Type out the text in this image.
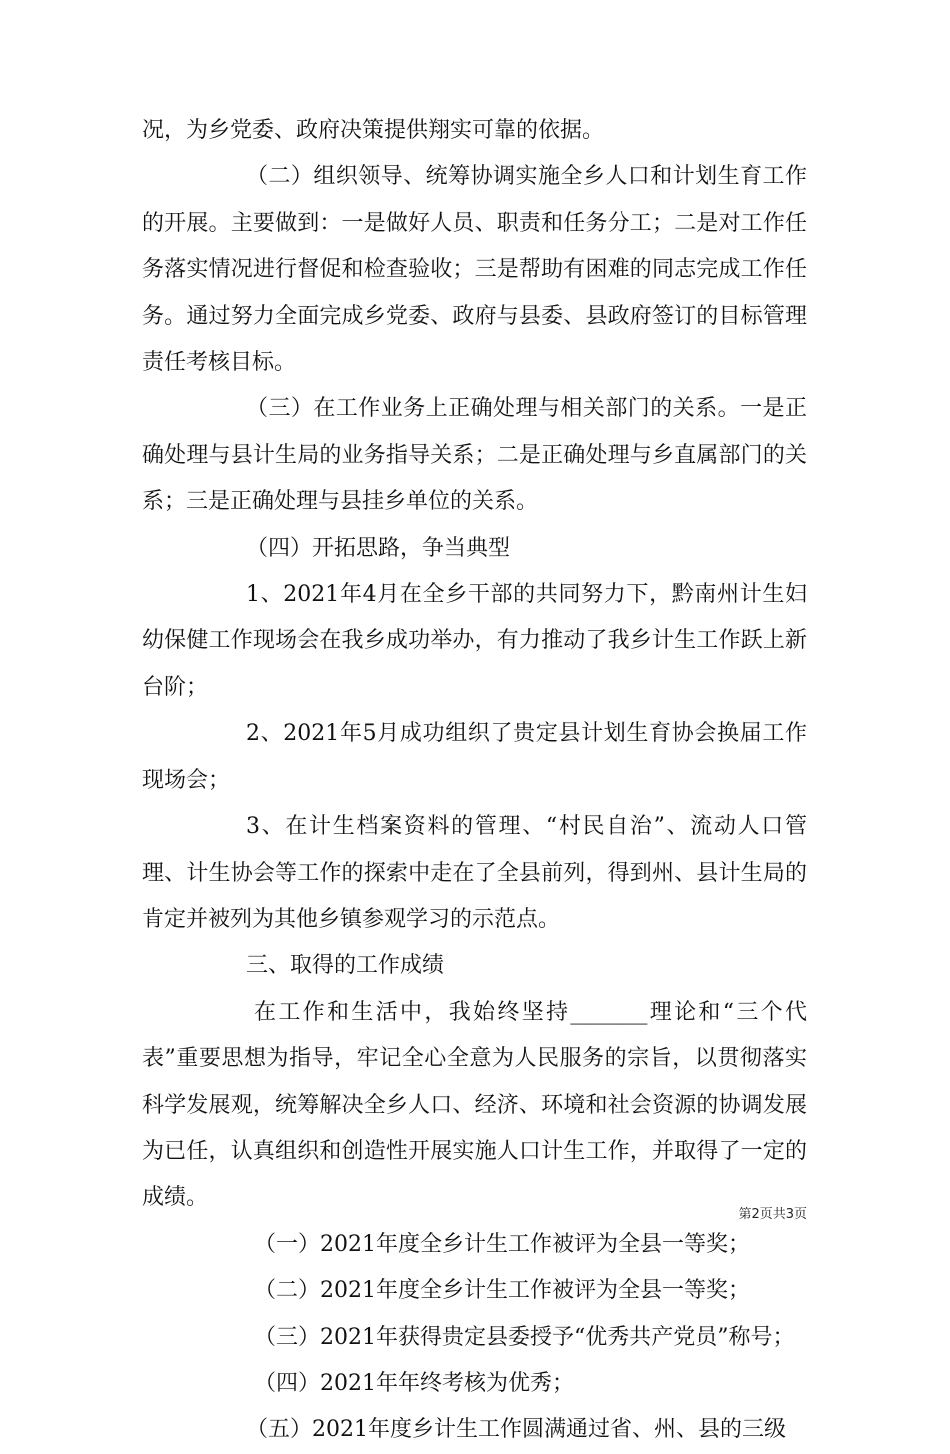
况，为乡党委、政府决策提供翔实可靠的依据。

（二）组织领导、统筹协调实施全乡人口和计划生育工作的开展。主要做到：一是做好人员、职责和任务分工；二是对工作任务落实情况进行督促和检查验收；三是帮助有困难的同志完成工作任务。通过努力全面完成乡党委、政府与县委、县政府签订的目标管理责任考核目标。

（三）在工作业务上正确处理与相关部门的关系。一是正确处理与县计生局的业务指导关系；二是正确处理与乡直属部门的关系；三是正确处理与县挂乡单位的关系。

（四）开拓思路，争当典型

1、2021年4月在全乡干部的共同努力下，黔南州计生妇幼保健工作现场会在我乡成功举办，有力推动了我乡计生工作跃上新台阶；

2、2021年5月成功组织了贵定县计划生育协会换届工作现场会；

3、在计生档案资料的管理、“村民自治”、流动人口管理、计生协会等工作的探索中走在了全县前列，得到州、县计生局的肯定并被列为其他乡镇参观学习的示范点。

三、取得的工作成绩

在工作和生活中，我始终坚持_______理论和“三个代表”重要思想为指导，牢记全心全意为人民服务的宗旨，以贯彻落实科学发展观，统筹解决全乡人口、经济、环境和社会资源的协调发展为已任，认真组织和创造性开展实施人口计生工作，并取得了一定的成绩。

（一）2021年度全乡计生工作被评为全县一等奖；

（二）2021年度全乡计生工作被评为全县一等奖；

（三）2021年获得贵定县委授予“优秀共产党员”称号；

（四）2021年年终考核为优秀；

（五）2021年度乡计生工作圆满通过省、州、县的三级

第2页共3页
